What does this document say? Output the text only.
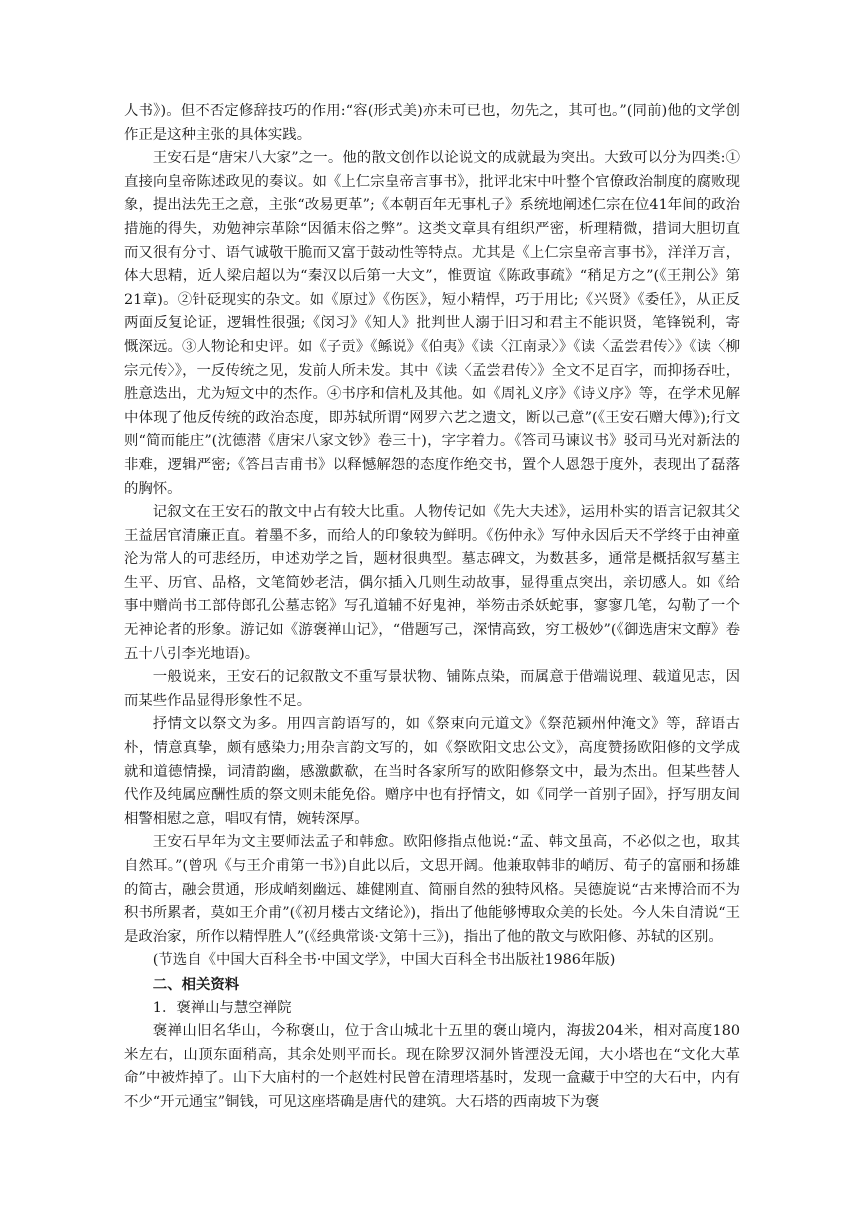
人书》)。但不否定修辞技巧的作用:“容(形式美)亦未可已也，勿先之，其可也。”(同前)他的文学创作正是这种主张的具体实践。

王安石是“唐宋八大家”之一。他的散文创作以论说文的成就最为突出。大致可以分为四类:①直接向皇帝陈述政见的奏议。如《上仁宗皇帝言事书》，批评北宋中叶整个官僚政治制度的腐败现象，提出法先王之意，主张“改易更革”;《本朝百年无事札子》系统地阐述仁宗在位41年间的政治措施的得失，劝勉神宗革除“因循末俗之弊”。这类文章具有组织严密，析理精微，措词大胆切直而又很有分寸、语气诚敬干脆而又富于鼓动性等特点。尤其是《上仁宗皇帝言事书》，洋洋万言，体大思精，近人梁启超以为“秦汉以后第一大文”，惟贾谊《陈政事疏》“稍足方之”(《王荆公》第21章)。②针砭现实的杂文。如《原过》《伤医》，短小精悍，巧于用比;《兴贤》《委任》，从正反两面反复论证，逻辑性很强;《闵习》《知人》批判世人溺于旧习和君主不能识贤，笔锋锐利，寄慨深远。③人物论和史评。如《子贡》《鲧说》《伯夷》《读〈江南录〉》《读〈孟尝君传〉》《读〈柳宗元传〉》，一反传统之见，发前人所未发。其中《读〈孟尝君传〉》全文不足百字，而抑扬吞吐，胜意迭出，尤为短文中的杰作。④书序和信札及其他。如《周礼义序》《诗义序》等，在学术见解中体现了他反传统的政治态度，即苏轼所谓“网罗六艺之遗文，断以己意”(《王安石赠大傅》);行文则“简而能庄”(沈德潜《唐宋八家文钞》卷三十)，字字着力。《答司马谏议书》驳司马光对新法的非难，逻辑严密;《答吕吉甫书》以释憾解怨的态度作绝交书，置个人恩怨于度外，表现出了磊落的胸怀。

记叙文在王安石的散文中占有较大比重。人物传记如《先大夫述》，运用朴实的语言记叙其父王益居官清廉正直。着墨不多，而给人的印象较为鲜明。《伤仲永》写仲永因后天不学终于由神童沦为常人的可悲经历，申述劝学之旨，题材很典型。墓志碑文，为数甚多，通常是概括叙写墓主生平、历官、品格，文笔简妙老洁，偶尔插入几则生动故事，显得重点突出，亲切感人。如《给事中赠尚书工部侍郎孔公墓志铭》写孔道辅不好鬼神，举笏击杀妖蛇事，寥寥几笔，勾勒了一个无神论者的形象。游记如《游褒禅山记》，“借题写己，深情高致，穷工极妙”(《御选唐宋文醇》卷五十八引李光地语)。

一般说来，王安石的记叙散文不重写景状物、铺陈点染，而属意于借端说理、载道见志，因而某些作品显得形象性不足。

抒情文以祭文为多。用四言韵语写的，如《祭束向元道文》《祭范颍州仲淹文》等，辞语古朴，情意真挚，颇有感染力;用杂言韵文写的，如《祭欧阳文忠公文》，高度赞扬欧阳修的文学成就和道德情操，词清韵幽，感激歔欷，在当时各家所写的欧阳修祭文中，最为杰出。但某些替人代作及纯属应酬性质的祭文则未能免俗。赠序中也有抒情文，如《同学一首别子固》，抒写朋友间相警相慰之意，唱叹有情，婉转深厚。

王安石早年为文主要师法孟子和韩愈。欧阳修指点他说:“孟、韩文虽高，不必似之也，取其自然耳。”(曾巩《与王介甫第一书》)自此以后，文思开阔。他兼取韩非的峭厉、荀子的富丽和扬雄的简古，融会贯通，形成峭刻幽远、雄健刚直、简丽自然的独特风格。吴德旋说“古来博洽而不为积书所累者，莫如王介甫”(《初月楼古文绪论》)，指出了他能够博取众美的长处。今人朱自清说“王是政治家，所作以精悍胜人”(《经典常谈·文第十三》)，指出了他的散文与欧阳修、苏轼的区别。

(节选自《中国大百科全书·中国文学》，中国大百科全书出版社1986年版)

二、相关资料

1．褒禅山与慧空禅院

褒禅山旧名华山，今称褒山，位于含山城北十五里的褒山境内，海拔204米，相对高度180米左右，山顶东面稍高，其余处则平而长。现在除罗汉洞外皆湮没无闻，大小塔也在“文化大革命”中被炸掉了。山下大庙村的一个赵姓村民曾在清理塔基时，发现一盒藏于中空的大石中，内有不少“开元通宝”铜钱，可见这座塔确是唐代的建筑。大石塔的西南坡下为褒
